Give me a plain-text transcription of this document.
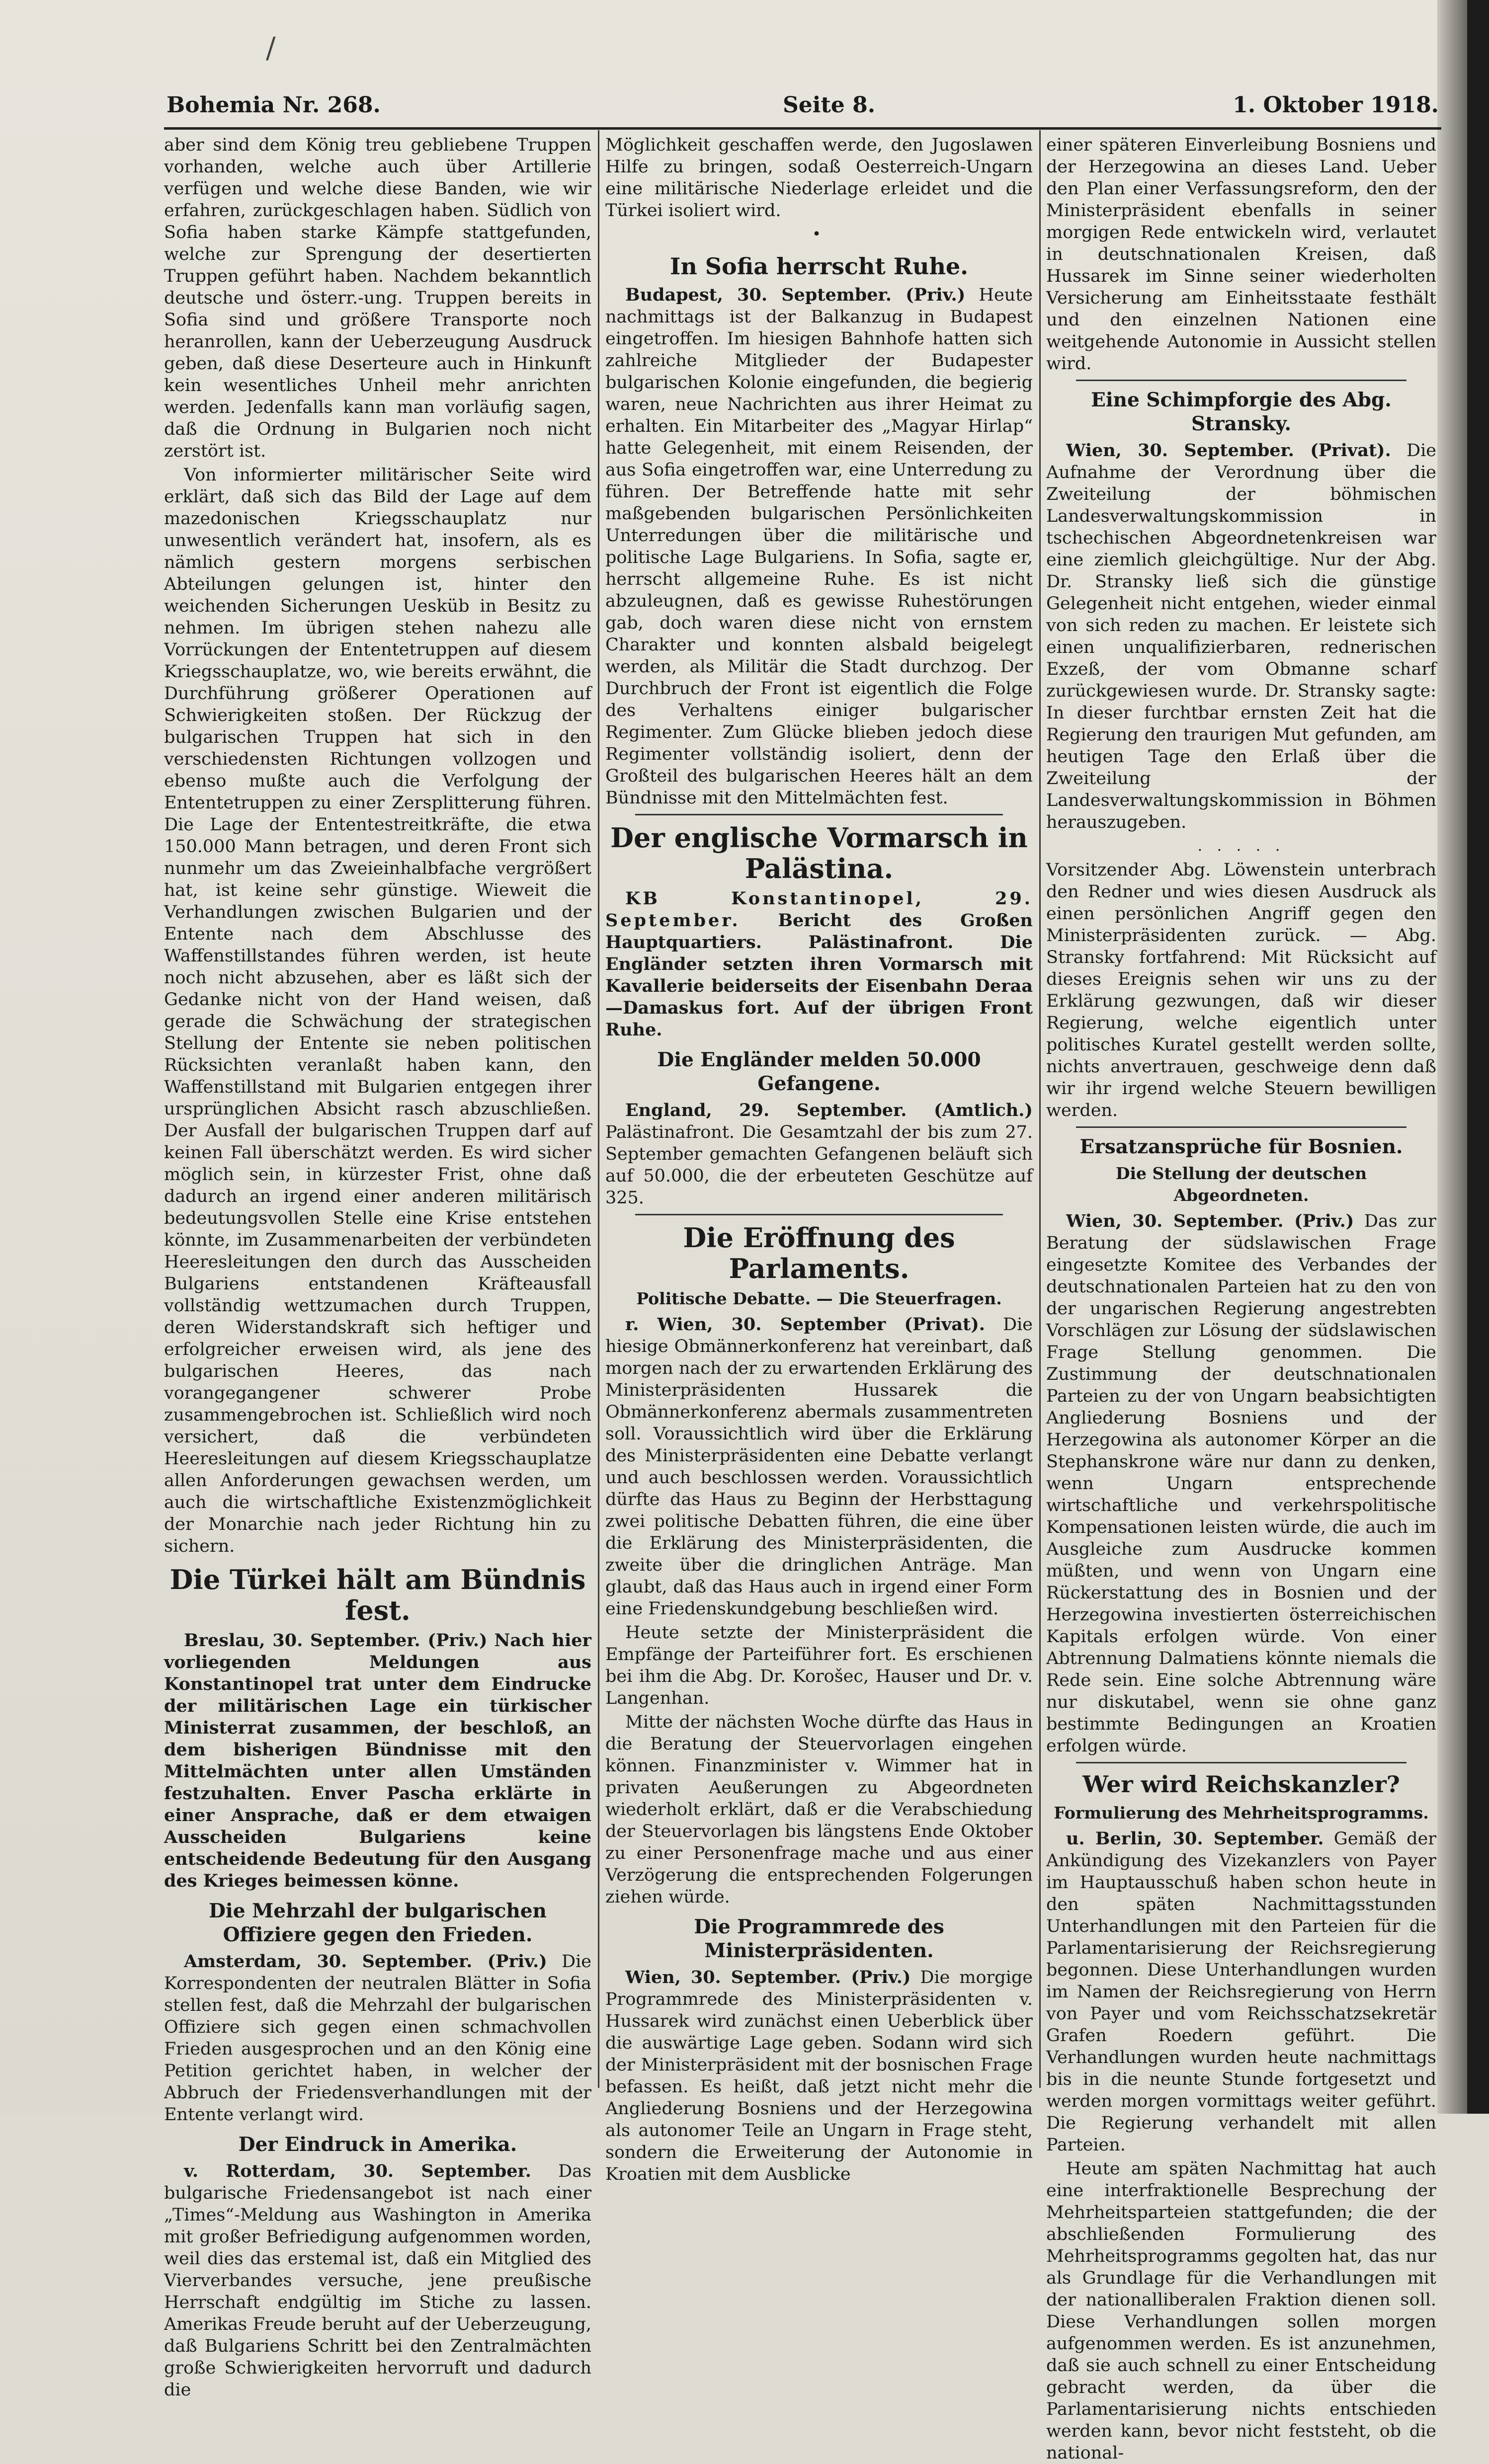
/
Bohemia Nr. 268.	Seite 8.	1. Oktober 1918.

aber sind dem König treu gebliebene Truppen vorhanden, welche auch über Artillerie verfügen und welche diese Banden, wie wir erfahren, zurückgeschlagen haben. Südlich von Sofia haben starke Kämpfe stattgefunden, welche zur Sprengung der desertierten Truppen geführt haben. Nachdem bekanntlich deutsche und österr.-ung. Truppen bereits in Sofia sind und größere Transporte noch heranrollen, kann der Ueberzeugung Ausdruck geben, daß diese Deserteure auch in Hinkunft kein wesentliches Unheil mehr anrichten werden. Jedenfalls kann man vorläufig sagen, daß die Ordnung in Bulgarien noch nicht zerstört ist.

Von informierter militärischer Seite wird erklärt, daß sich das Bild der Lage auf dem mazedonischen Kriegsschauplatz nur unwesentlich verändert hat, insofern, als es nämlich gestern morgens serbischen Abteilungen gelungen ist, hinter den weichenden Sicherungen Uesküb in Besitz zu nehmen. Im übrigen stehen nahezu alle Vorrückungen der Ententetruppen auf diesem Kriegsschauplatze, wo, wie bereits erwähnt, die Durchführung größerer Operationen auf Schwierigkeiten stoßen. Der Rückzug der bulgarischen Truppen hat sich in den verschiedensten Richtungen vollzogen und ebenso mußte auch die Verfolgung der Ententetruppen zu einer Zersplitterung führen. Die Lage der Ententestreitkräfte, die etwa 150.000 Mann betragen, und deren Front sich nunmehr um das Zweieinhalbfache vergrößert hat, ist keine sehr günstige. Wieweit die Verhandlungen zwischen Bulgarien und der Entente nach dem Abschlusse des Waffenstillstandes führen werden, ist heute noch nicht abzusehen, aber es läßt sich der Gedanke nicht von der Hand weisen, daß gerade die Schwächung der strategischen Stellung der Entente sie neben politischen Rücksichten veranlaßt haben kann, den Waffenstillstand mit Bulgarien entgegen ihrer ursprünglichen Absicht rasch abzuschließen. Der Ausfall der bulgarischen Truppen darf auf keinen Fall überschätzt werden. Es wird sicher möglich sein, in kürzester Frist, ohne daß dadurch an irgend einer anderen militärisch bedeutungsvollen Stelle eine Krise entstehen könnte, im Zusammenarbeiten der verbündeten Heeresleitungen den durch das Ausscheiden Bulgariens entstandenen Kräfteausfall vollständig wettzumachen durch Truppen, deren Widerstandskraft sich heftiger und erfolgreicher erweisen wird, als jene des bulgarischen Heeres, das nach vorangegangener schwerer Probe zusammengebrochen ist. Schließlich wird noch versichert, daß die verbündeten Heeresleitungen auf diesem Kriegsschauplatze allen Anforderungen gewachsen werden, um auch die wirtschaftliche Existenzmöglichkeit der Monarchie nach jeder Richtung hin zu sichern.

Die Türkei hält am Bündnis fest.

Breslau, 30. September. (Priv.) Nach hier vorliegenden Meldungen aus Konstantinopel trat unter dem Eindrucke der militärischen Lage ein türkischer Ministerrat zusammen, der beschloß, an dem bisherigen Bündnisse mit den Mittelmächten unter allen Umständen festzuhalten. Enver Pascha erklärte in einer Ansprache, daß er dem etwaigen Ausscheiden Bulgariens keine entscheidende Bedeutung für den Ausgang des Krieges beimessen könne.

Die Mehrzahl der bulgarischen Offiziere gegen den Frieden.

Amsterdam, 30. September. (Priv.) Die Korrespondenten der neutralen Blätter in Sofia stellen fest, daß die Mehrzahl der bulgarischen Offiziere sich gegen einen schmachvollen Frieden ausgesprochen und an den König eine Petition gerichtet haben, in welcher der Abbruch der Friedensverhandlungen mit der Entente verlangt wird.

Der Eindruck in Amerika.

v. Rotterdam, 30. September. Das bulgarische Friedensangebot ist nach einer „Times“-Meldung aus Washington in Amerika mit großer Befriedigung aufgenommen worden, weil dies das erstemal ist, daß ein Mitglied des Vierverbandes versuche, jene preußische Herrschaft endgültig im Stiche zu lassen. Amerikas Freude beruht auf der Ueberzeugung, daß Bulgariens Schritt bei den Zentralmächten große Schwierigkeiten hervorruft und dadurch die

Möglichkeit geschaffen werde, den Jugoslawen Hilfe zu bringen, sodaß Oesterreich-Ungarn eine militärische Niederlage erleidet und die Türkei isoliert wird.

•
In Sofia herrscht Ruhe.

Budapest, 30. September. (Priv.) Heute nachmittags ist der Balkanzug in Budapest eingetroffen. Im hiesigen Bahnhofe hatten sich zahlreiche Mitglieder der Budapester bulgarischen Kolonie eingefunden, die begierig waren, neue Nachrichten aus ihrer Heimat zu erhalten. Ein Mitarbeiter des „Magyar Hirlap“ hatte Gelegenheit, mit einem Reisenden, der aus Sofia eingetroffen war, eine Unterredung zu führen. Der Betreffende hatte mit sehr maßgebenden bulgarischen Persönlichkeiten Unterredungen über die militärische und politische Lage Bulgariens. In Sofia, sagte er, herrscht allgemeine Ruhe. Es ist nicht abzuleugnen, daß es gewisse Ruhestörungen gab, doch waren diese nicht von ernstem Charakter und konnten alsbald beigelegt werden, als Militär die Stadt durchzog. Der Durchbruch der Front ist eigentlich die Folge des Verhaltens einiger bulgarischer Regimenter. Zum Glücke blieben jedoch diese Regimenter vollständig isoliert, denn der Großteil des bulgarischen Heeres hält an dem Bündnisse mit den Mittelmächten fest.

Der englische Vormarsch in Palästina.

KB Konstantinopel, 29. September. Bericht des Großen Hauptquartiers. Palästinafront. Die Engländer setzten ihren Vormarsch mit Kavallerie beiderseits der Eisenbahn Deraa—Damaskus fort. Auf der übrigen Front Ruhe.

Die Engländer melden 50.000 Gefangene.

England, 29. September. (Amtlich.) Palästinafront. Die Gesamtzahl der bis zum 27. September gemachten Gefangenen beläuft sich auf 50.000, die der erbeuteten Geschütze auf 325.

Die Eröffnung des Parlaments.
Politische Debatte. — Die Steuerfragen.

r. Wien, 30. September (Privat). Die hiesige Obmännerkonferenz hat vereinbart, daß morgen nach der zu erwartenden Erklärung des Ministerpräsidenten Hussarek die Obmännerkonferenz abermals zusammentreten soll. Voraussichtlich wird über die Erklärung des Ministerpräsidenten eine Debatte verlangt und auch beschlossen werden. Voraussichtlich dürfte das Haus zu Beginn der Herbsttagung zwei politische Debatten führen, die eine über die Erklärung des Ministerpräsidenten, die zweite über die dringlichen Anträge. Man glaubt, daß das Haus auch in irgend einer Form eine Friedenskundgebung beschließen wird.

Heute setzte der Ministerpräsident die Empfänge der Parteiführer fort. Es erschienen bei ihm die Abg. Dr. Korošec, Hauser und Dr. v. Langenhan.

Mitte der nächsten Woche dürfte das Haus in die Beratung der Steuervorlagen eingehen können. Finanzminister v. Wimmer hat in privaten Aeußerungen zu Abgeordneten wiederholt erklärt, daß er die Verabschiedung der Steuervorlagen bis längstens Ende Oktober zu einer Personenfrage mache und aus einer Verzögerung die entsprechenden Folgerungen ziehen würde.

Die Programmrede des Ministerpräsidenten.

Wien, 30. September. (Priv.) Die morgige Programmrede des Ministerpräsidenten v. Hussarek wird zunächst einen Ueberblick über die auswärtige Lage geben. Sodann wird sich der Ministerpräsident mit der bosnischen Frage befassen. Es heißt, daß jetzt nicht mehr die Angliederung Bosniens und der Herzegowina als autonomer Teile an Ungarn in Frage steht, sondern die Erweiterung der Autonomie in Kroatien mit dem Ausblicke

einer späteren Einverleibung Bosniens und der Herzegowina an dieses Land. Ueber den Plan einer Verfassungsreform, den der Ministerpräsident ebenfalls in seiner morgigen Rede entwickeln wird, verlautet in deutschnationalen Kreisen, daß Hussarek im Sinne seiner wiederholten Versicherung am Einheitsstaate festhält und den einzelnen Nationen eine weitgehende Autonomie in Aussicht stellen wird.

Eine Schimpforgie des Abg. Stransky.

Wien, 30. September. (Privat). Die Aufnahme der Verordnung über die Zweiteilung der böhmischen Landesverwaltungskommission in tschechischen Abgeordnetenkreisen war eine ziemlich gleichgültige. Nur der Abg. Dr. Stransky ließ sich die günstige Gelegenheit nicht entgehen, wieder einmal von sich reden zu machen. Er leistete sich einen unqualifizierbaren, rednerischen Exzeß, der vom Obmanne scharf zurückgewiesen wurde. Dr. Stransky sagte: In dieser furchtbar ernsten Zeit hat die Regierung den traurigen Mut gefunden, am heutigen Tage den Erlaß über die Zweiteilung der Landesverwaltungskommission in Böhmen herauszugeben.

. . . . .

Vorsitzender Abg. Löwenstein unterbrach den Redner und wies diesen Ausdruck als einen persönlichen Angriff gegen den Ministerpräsidenten zurück. — Abg. Stransky fortfahrend: Mit Rücksicht auf dieses Ereignis sehen wir uns zu der Erklärung gezwungen, daß wir dieser Regierung, welche eigentlich unter politisches Kuratel gestellt werden sollte, nichts anvertrauen, geschweige denn daß wir ihr irgend welche Steuern bewilligen werden.

Ersatzansprüche für Bosnien.
Die Stellung der deutschen Abgeordneten.

Wien, 30. September. (Priv.) Das zur Beratung der südslawischen Frage eingesetzte Komitee des Verbandes der deutschnationalen Parteien hat zu den von der ungarischen Regierung angestrebten Vorschlägen zur Lösung der südslawischen Frage Stellung genommen. Die Zustimmung der deutschnationalen Parteien zu der von Ungarn beabsichtigten Angliederung Bosniens und der Herzegowina als autonomer Körper an die Stephanskrone wäre nur dann zu denken, wenn Ungarn entsprechende wirtschaftliche und verkehrspolitische Kompensationen leisten würde, die auch im Ausgleiche zum Ausdrucke kommen müßten, und wenn von Ungarn eine Rückerstattung des in Bosnien und der Herzegowina investierten österreichischen Kapitals erfolgen würde. Von einer Abtrennung Dalmatiens könnte niemals die Rede sein. Eine solche Abtrennung wäre nur diskutabel, wenn sie ohne ganz bestimmte Bedingungen an Kroatien erfolgen würde.

Wer wird Reichskanzler?
Formulierung des Mehrheitsprogramms.

u. Berlin, 30. September. Gemäß der Ankündigung des Vizekanzlers von Payer im Hauptausschuß haben schon heute in den späten Nachmittagsstunden Unterhandlungen mit den Parteien für die Parlamentarisierung der Reichsregierung begonnen. Diese Unterhandlungen wurden im Namen der Reichsregierung von Herrn von Payer und vom Reichsschatzsekretär Grafen Roedern geführt. Die Verhandlungen wurden heute nachmittags bis in die neunte Stunde fortgesetzt und werden morgen vormittags weiter geführt. Die Regierung verhandelt mit allen Parteien.

Heute am späten Nachmittag hat auch eine interfraktionelle Besprechung der Mehrheitsparteien stattgefunden; die der abschließenden Formulierung des Mehrheitsprogramms gegolten hat, das nur als Grundlage für die Verhandlungen mit der nationalliberalen Fraktion dienen soll. Diese Verhandlungen sollen morgen aufgenommen werden. Es ist anzunehmen, daß sie auch schnell zu einer Entscheidung gebracht werden, da über die Parlamentarisierung nichts entschieden werden kann, bevor nicht feststeht, ob die national-
